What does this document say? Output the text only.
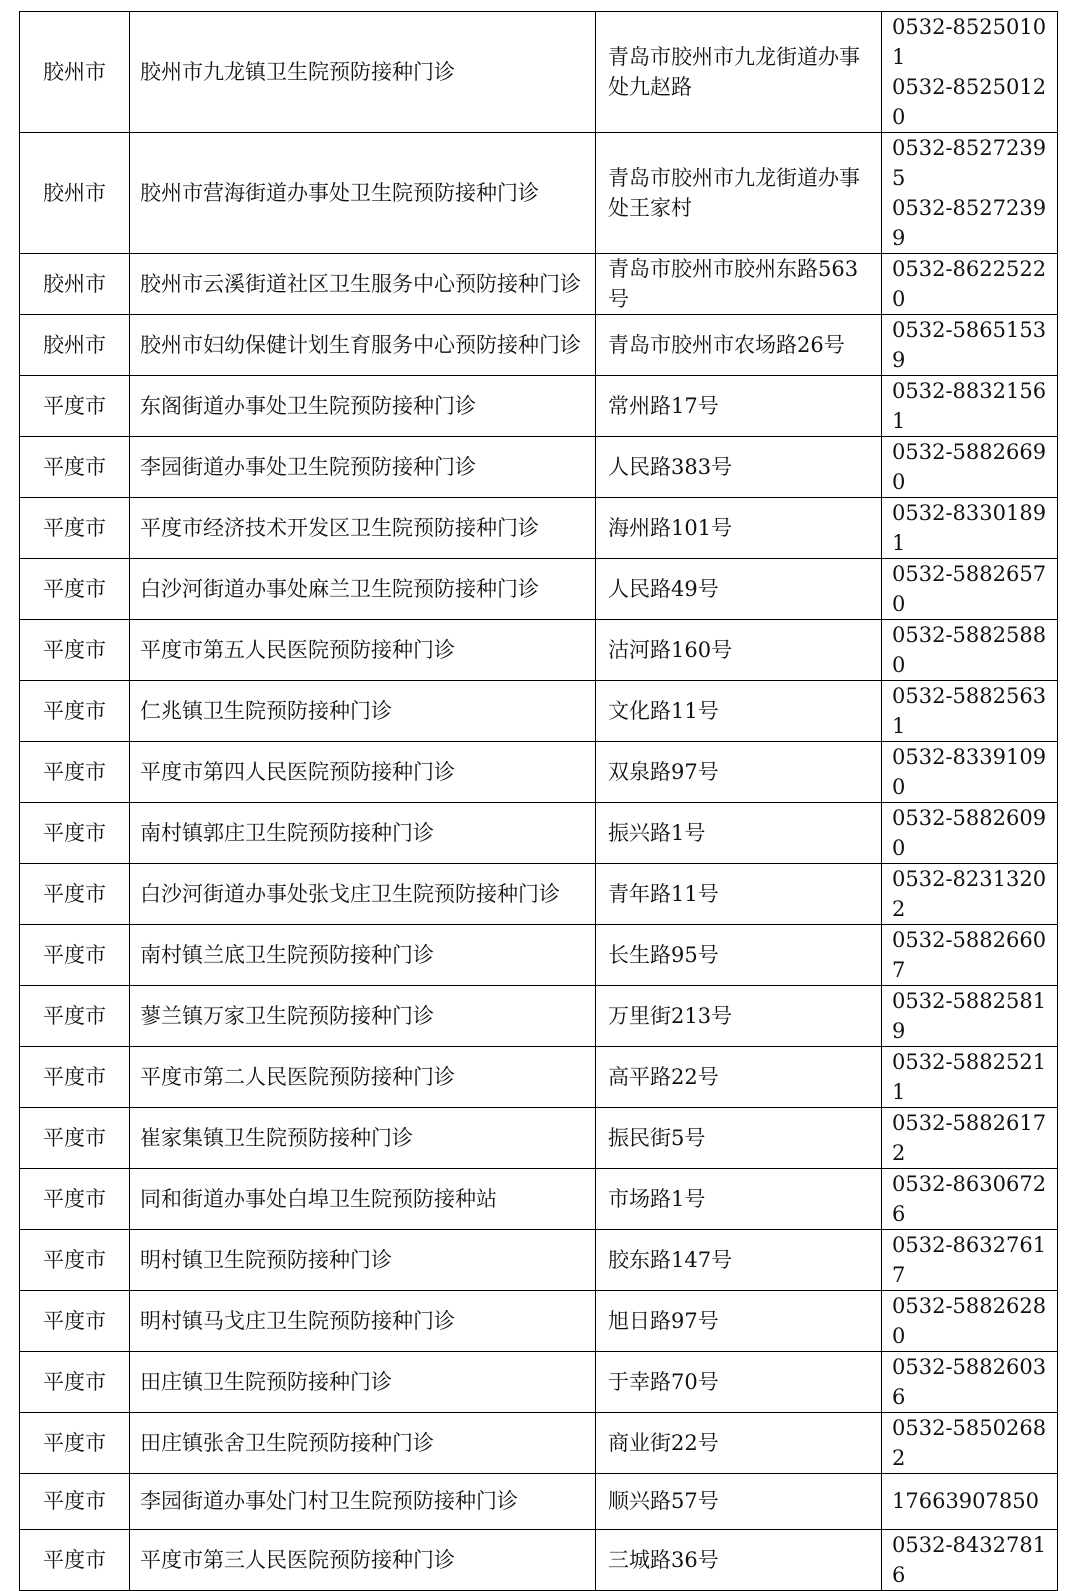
胶州市	胶州市九龙镇卫生院预防接种门诊	青岛市胶州市九龙街道办事处九赵路	0532-85250101
0532-85250120

胶州市	胶州市营海街道办事处卫生院预防接种门诊	青岛市胶州市九龙街道办事处王家村	0532-85272395
0532-85272399

胶州市	胶州市云溪街道社区卫生服务中心预防接种门诊	青岛市胶州市胶州东路563号	0532-86225220

胶州市	胶州市妇幼保健计划生育服务中心预防接种门诊	青岛市胶州市农场路26号	0532-58651539

平度市	东阁街道办事处卫生院预防接种门诊	常州路17号	0532-88321561

平度市	李园街道办事处卫生院预防接种门诊	人民路383号	0532-58826690

平度市	平度市经济技术开发区卫生院预防接种门诊	海州路101号	0532-83301891

平度市	白沙河街道办事处麻兰卫生院预防接种门诊	人民路49号	0532-58826570

平度市	平度市第五人民医院预防接种门诊	沽河路160号	0532-58825880

平度市	仁兆镇卫生院预防接种门诊	文化路11号	0532-58825631

平度市	平度市第四人民医院预防接种门诊	双泉路97号	0532-83391090

平度市	南村镇郭庄卫生院预防接种门诊	振兴路1号	0532-58826090

平度市	白沙河街道办事处张戈庄卫生院预防接种门诊	青年路11号	0532-82313202

平度市	南村镇兰底卫生院预防接种门诊	长生路95号	0532-58826607

平度市	蓼兰镇万家卫生院预防接种门诊	万里街213号	0532-58825819

平度市	平度市第二人民医院预防接种门诊	高平路22号	0532-58825211

平度市	崔家集镇卫生院预防接种门诊	振民街5号	0532-58826172

平度市	同和街道办事处白埠卫生院预防接种站	市场路1号	0532-86306726

平度市	明村镇卫生院预防接种门诊	胶东路147号	0532-86327617

平度市	明村镇马戈庄卫生院预防接种门诊	旭日路97号	0532-58826280

平度市	田庄镇卫生院预防接种门诊	于幸路70号	0532-58826036

平度市	田庄镇张舍卫生院预防接种门诊	商业街22号	0532-58502682

平度市	李园街道办事处门村卫生院预防接种门诊	顺兴路57号	17663907850

平度市	平度市第三人民医院预防接种门诊	三城路36号	0532-84327816
